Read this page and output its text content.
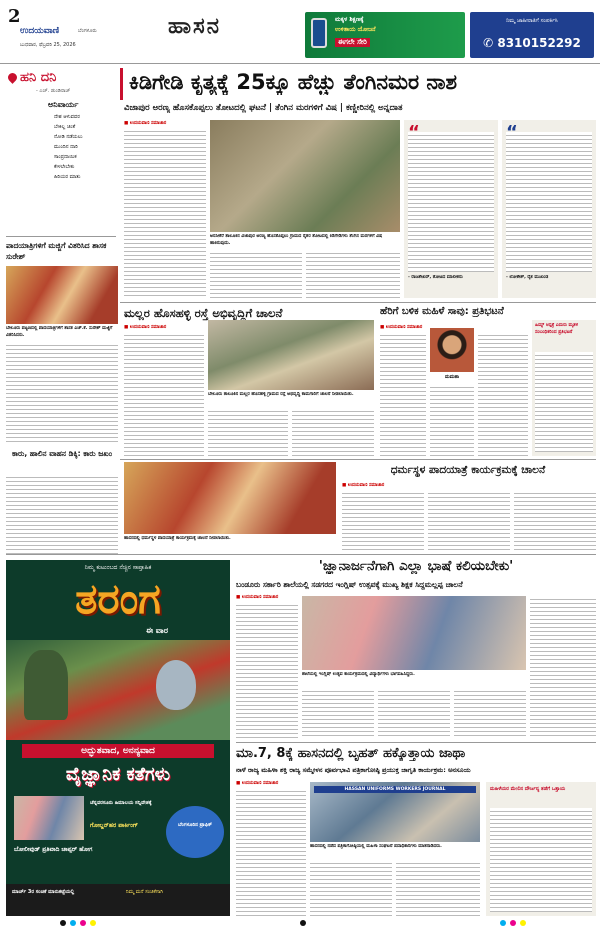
2
ಉದಯವಾಣಿ	ಬೆಂಗಳೂರು
ಬುಧವಾರ, ಫೆಬ್ರವರಿ 25, 2026
ಹಾಸನ	ಮಕ್ಕಳ ಶಿಕ್ಷಣಕ್ಕೆ
ಉಳಿತಾಯ ಯೋಜನೆ
ಈಗಲೇ ಸೇರಿ
ನಿಮ್ಮ ಜಾಹೀರಾತಿಗೆ ಸಂಪರ್ಕಿಸಿ
✆ 8310152292
ಹನಿ ದನಿ
- ಎಚ್. ಡುಂಡಿರಾಜ್
ಅನಿವಾರ್ಯ
ದೇಶ ಆಳುವವರ
ಬೇಕಿಲ್ಲ ಚಿಂತೆ
ನೋಡಿ ನಡೆಯಲು
ಮುಂದಿನ ದಾರಿ
ಸಾಂಪ್ರದಾಯಿಕ
ಕೇಳಲೇಬೇಕು
ಹಿರಿಯರ ಮಾತು
ಪಾದಯಾತ್ರಿಗಳಿಗೆ ಮಜ್ಜಿಗೆ ವಿತರಿಸಿದ ಶಾಸಕ ಸುರೇಶ್
ಬೇಲೂರು ಪಟ್ಟಣದಲ್ಲಿ ಪಾದಯಾತ್ರಿಗಳಿಗೆ ಶಾಸಕ ಎಚ್.ಕೆ. ಸುರೇಶ್ ಮಜ್ಜಿಗೆ ವಿತರಿಸಿದರು.
ಕಾರು, ಹಾಲಿನ ವಾಹನ ಡಿಕ್ಕಿ: ಕಾರು ಜಖಂ
ಕಿಡಿಗೇಡಿ ಕೃತ್ಯಕ್ಕೆ 25ಕ್ಕೂ ಹೆಚ್ಚು ತೆಂಗಿನಮರ ನಾಶ
ವಿಜಾಪುರ ಅರಣ್ಯ ಹೊಸಕೊಪ್ಪಲು ತೋಟದಲ್ಲಿ ಘಟನೆ | ತೆಂಗಿನ ಮರಗಳಿಗೆ ವಿಷ | ಕಣ್ಣೀರಿನಲ್ಲಿ ಅನ್ನದಾತ
■ ಉದಯವಾಣಿ ಸಮಾಚಾರ
ಅರಸೀಕೆರೆ ತಾಲೂಕಿನ ವಿಜಾಪುರ ಅರಣ್ಯ ಹೊಸಕೊಪ್ಪಲು ಗ್ರಾಮದ ರೈತರ ತೋಟದಲ್ಲಿ ಕಿಡಿಗೇಡಿಗಳು ತೆಂಗಿನ ಮರಗಳಿಗೆ ವಿಷ ಹಾಕಿರುವುದು.
- ರಾಜಶೇಖರ್, ತೋಟದ ಮಾಲೀಕರು	- ಲೋಕೇಶ್, ರೈತ ಮುಖಂಡ
ಮಲ್ಲರ ಹೊಸಹಳ್ಳಿ ರಸ್ತೆ ಅಭಿವೃದ್ಧಿಗೆ ಚಾಲನೆ
■ ಉದಯವಾಣಿ ಸಮಾಚಾರ
ಬೇಲೂರು ತಾಲೂಕಿನ ಮಲ್ಲರ ಹೊಸಹಳ್ಳಿ ಗ್ರಾಮದ ರಸ್ತೆ ಅಭಿವೃದ್ಧಿ ಕಾಮಗಾರಿಗೆ ಚಾಲನೆ ನೀಡಲಾಯಿತು.
ಹೆರಿಗೆ ಬಳಿಕ ಮಹಿಳೆ ಸಾವು: ಪ್ರತಿಭಟನೆ
■ ಉದಯವಾಣಿ ಸಮಾಚಾರ
ಮಮತಾ
ಹಿಮ್ಸ್ ಆಸ್ಪತ್ರೆ ಎದುರು ಮೃತಳ ಸಂಬಂಧಿಕರಿಂದ ಪ್ರತಿಭಟನೆ
ಹಾಸನದಲ್ಲಿ ಧರ್ಮಸ್ಥಳ ಪಾದಯಾತ್ರೆ ಕಾರ್ಯಕ್ರಮಕ್ಕೆ ಚಾಲನೆ ನೀಡಲಾಯಿತು.
ಧರ್ಮಸ್ಥಳ ಪಾದಯಾತ್ರೆ ಕಾರ್ಯಕ್ರಮಕ್ಕೆ ಚಾಲನೆ
■ ಉದಯವಾಣಿ ಸಮಾಚಾರ
ನಿಮ್ಮ ಕುಟುಂಬದ ನೆಚ್ಚಿನ ಸಾಪ್ತಾಹಿಕ
ತರಂಗ
ಈ ವಾರ
ಅದ್ಭುತವಾದ, ಅನನ್ಯವಾದ
ವೈಜ್ಞಾನಿಕ ಕತೆಗಳು
ಚೆನ್ನವರಸೂರು ಹಿಮಾಲಯ ಸನ್ನಿವೇಶಕ್ಕೆ
ಗೋಲ್ಡನ್‌ಹರ ಪಾರ್ಕಿಂಗ್	ಬೆಂಗಳೂರಿನ ಟ್ರಾಫಿಕ್
ಬೋಲೀವುಡ್‌ ಪ್ರತಿವಾದಿ ಚಾಪ್ಟರ್‌ ಹೋಗ
ಮಾರ್ಚ್ 3ರ ಸಂಚಿಕೆ ಮಾರುಕಟ್ಟೆಯಲ್ಲಿ	ನಿಮ್ಮ ಮನೆ ಸಂಚಿಕೆಗಾಗಿ
'ಜ್ಞಾನಾರ್ಜನೆಗಾಗಿ ಎಲ್ಲಾ ಭಾಷೆ ಕಲಿಯಬೇಕು'
ಬಂಡೂರು ಸರ್ಕಾರಿ ಶಾಲೆಯಲ್ಲಿ ಸಡಗರದ ಇಂಗ್ಲಿಷ್ ಉತ್ಸವಕ್ಕೆ ಮುಖ್ಯ ಶಿಕ್ಷಕ ಸಿದ್ದಮಲ್ಲಪ್ಪ ಚಾಲನೆ
■ ಉದಯವಾಣಿ ಸಮಾಚಾರ
ಶಾಲೆಯಲ್ಲಿ ಇಂಗ್ಲಿಷ್ ಉತ್ಸವ ಕಾರ್ಯಕ್ರಮದಲ್ಲಿ ವಿದ್ಯಾರ್ಥಿಗಳು ಭಾಗವಹಿಸಿದ್ದರು.
ಮಾ.7, 8ಕ್ಕೆ ಹಾಸನದಲ್ಲಿ ಬೃಹತ್ ಹಕ್ಕೊತ್ತಾಯ ಜಾಥಾ
ನಾಳೆ ರಾಜ್ಯ ಮಹಿಳಾ ಶಕ್ತಿ ರಾಜ್ಯ ಸಮ್ಮೇಳನ ಪೂರ್ವಭಾವಿ ಪತ್ರಿಕಾಗೋಷ್ಠಿ ಪ್ರಯುಕ್ತ ಜಾಗೃತಿ ಕಾರ್ಯಕ್ರಮ: ಅನಸೂಯ
■ ಉದಯವಾಣಿ ಸಮಾಚಾರ
HASSAN UNIFORMS WORKERS JOURNAL
ಹಾಸನದಲ್ಲಿ ನಡೆದ ಪತ್ರಿಕಾಗೋಷ್ಠಿಯಲ್ಲಿ ಮಹಿಳಾ ಸಂಘಟನೆ ಪದಾಧಿಕಾರಿಗಳು ಮಾತನಾಡಿದರು.
ಮಹಿಳೆಯರ ಮೇಲಿನ ದೌರ್ಜನ್ಯ ತಡೆಗೆ ಒತ್ತಾಯ
